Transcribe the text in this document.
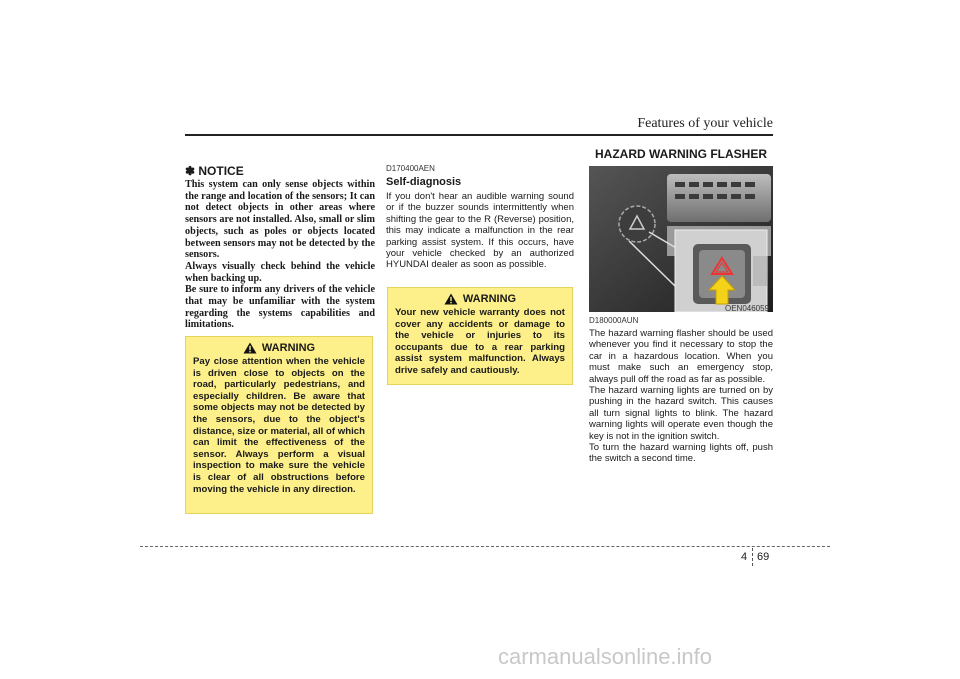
Features of your vehicle
✽ NOTICE

This system can only sense objects within the range and location of the sensors; It can not detect objects in other areas where sensors are not installed. Also, small or slim objects, such as poles or objects located between sensors may not be detected by the sensors.

Always visually check behind the vehicle when backing up.

Be sure to inform any drivers of the vehicle that may be unfamiliar with the system regarding the systems capabilities and limitations.

WARNING
Pay close attention when the vehicle is driven close to objects on the road, particularly pedestrians, and especially children. Be aware that some objects may not be detected by the sensors, due to the object's distance, size or material, all of which can limit the effectiveness of the sensor. Always perform a visual inspection to make sure the vehicle is clear of all obstructions before moving the vehicle in any direction.
D170400AEN
Self-diagnosis
If you don't hear an audible warning sound or if the buzzer sounds intermittently when shifting the gear to the R (Reverse) position, this may indicate a malfunction in the rear parking assist system. If this occurs, have your vehicle checked by an authorized HYUNDAI dealer as soon as possible.
WARNING
Your new vehicle warranty does not cover any accidents or damage to the vehicle or injuries to its occupants due to a rear parking assist system malfunction. Always drive safely and cautiously.
HAZARD WARNING FLASHER
OEN046059
D180000AUN

The hazard warning flasher should be used whenever you find it necessary to stop the car in a hazardous location. When you must make such an emergency stop, always pull off the road as far as possible.

The hazard warning lights are turned on by pushing in the hazard switch. This causes all turn signal lights to blink. The hazard warning lights will operate even though the key is not in the ignition switch.

To turn the hazard warning lights off, push the switch a second time.

4 69
carmanualsonline.info
